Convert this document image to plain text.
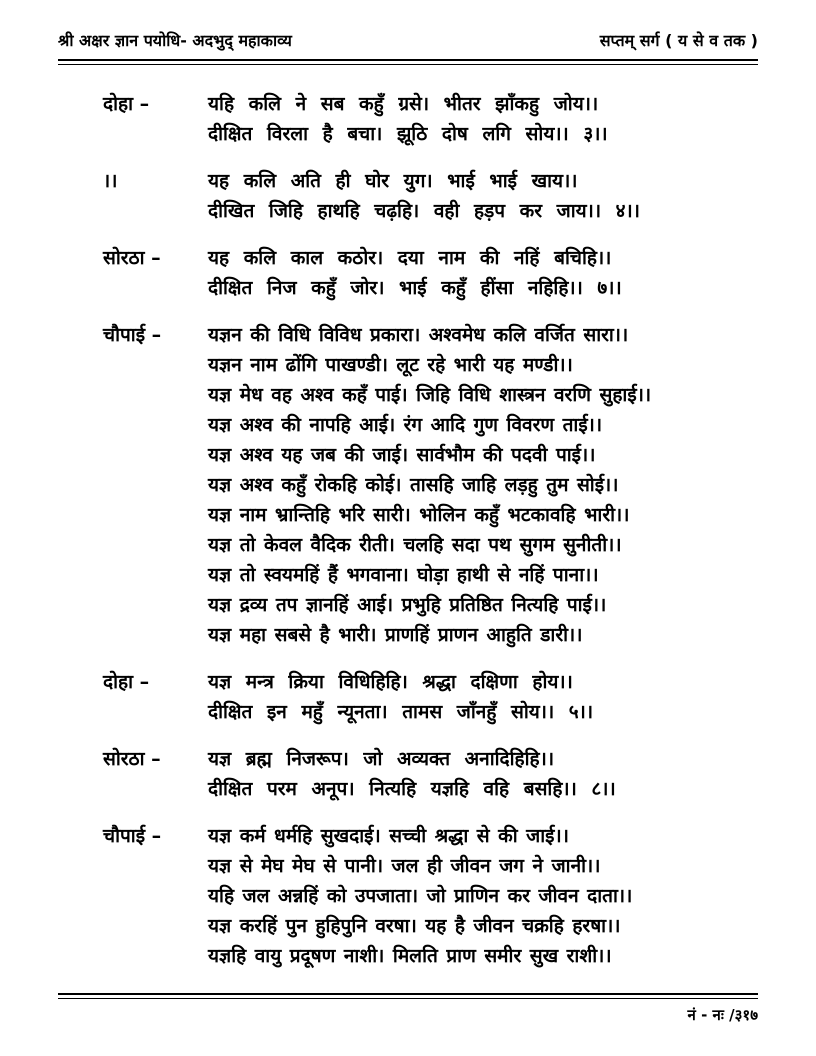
श्री अक्षर ज्ञान पयोधि- अदभुद् महाकाव्य	सप्तम् सर्ग ( य से व तक )
दोहा –	यहि कलि ने सब कहुँ ग्रसे। भीतर झाँकहु जोय।।
दीक्षित विरला है बचा। झूठि दोष लगि सोय।। ३।।
।।	यह कलि अति ही घोर युग। भाई भाई खाय।।
दीखित जिहि हाथहि चढ़हि। वही हड़प कर जाय।। ४।।
सोरठा –	यह कलि काल कठोर। दया नाम की नहिं बचिहि।।
दीक्षित निज कहुँ जोर। भाई कहुँ हींसा नहिहि।। ७।।
चौपाई –	यज्ञन की विधि विविध प्रकारा। अश्वमेध कलि वर्जित सारा।।
यज्ञन नाम ढोंगि पाखण्डी। लूट रहे भारी यह मण्डी।।
यज्ञ मेध वह अश्व कहँ पाई। जिहि विधि शास्त्रन वरणि सुहाई।।
यज्ञ अश्व की नापहि आई। रंग आदि गुण विवरण ताई।।
यज्ञ अश्व यह जब की जाई। सार्वभौम की पदवी पाई।।
यज्ञ अश्व कहुँ रोकहि कोई। तासहि जाहि लड़हु तुम सोई।।
यज्ञ नाम भ्रान्तिहि भरि सारी। भोलिन कहुँ भटकावहि भारी।।
यज्ञ तो केवल वैदिक रीती। चलहि सदा पथ सुगम सुनीती।।
यज्ञ तो स्वयमहिं हैं भगवाना। घोड़ा हाथी से नहिं पाना।।
यज्ञ द्रव्य तप ज्ञानहिं आई। प्रभुहि प्रतिष्ठित नित्यहि पाई।।
यज्ञ महा सबसे है भारी। प्राणहिं प्राणन आहुति डारी।।
दोहा –	यज्ञ मन्त्र क्रिया विधिहिहि। श्रद्धा दक्षिणा होय।।
दीक्षित इन महुँ न्यूनता। तामस जाँनहुँ सोय।। ५।।
सोरठा –	यज्ञ ब्रह्म निजरूप। जो अव्यक्त अनादिहिहि।।
दीक्षित परम अनूप। नित्यहि यज्ञहि वहि बसहि।। ८।।
चौपाई –	यज्ञ कर्म धर्महि सुखदाई। सच्ची श्रद्धा से की जाई।।
यज्ञ से मेघ मेघ से पानी। जल ही जीवन जग ने जानी।।
यहि जल अन्नहिं को उपजाता। जो प्राणिन कर जीवन दाता।।
यज्ञ करहिं पुन हुहिपुनि वरषा। यह है जीवन चक्रहि हरषा।।
यज्ञहि वायु प्रदूषण नाशी। मिलति प्राण समीर सुख राशी।।
नं - नः /३१७
